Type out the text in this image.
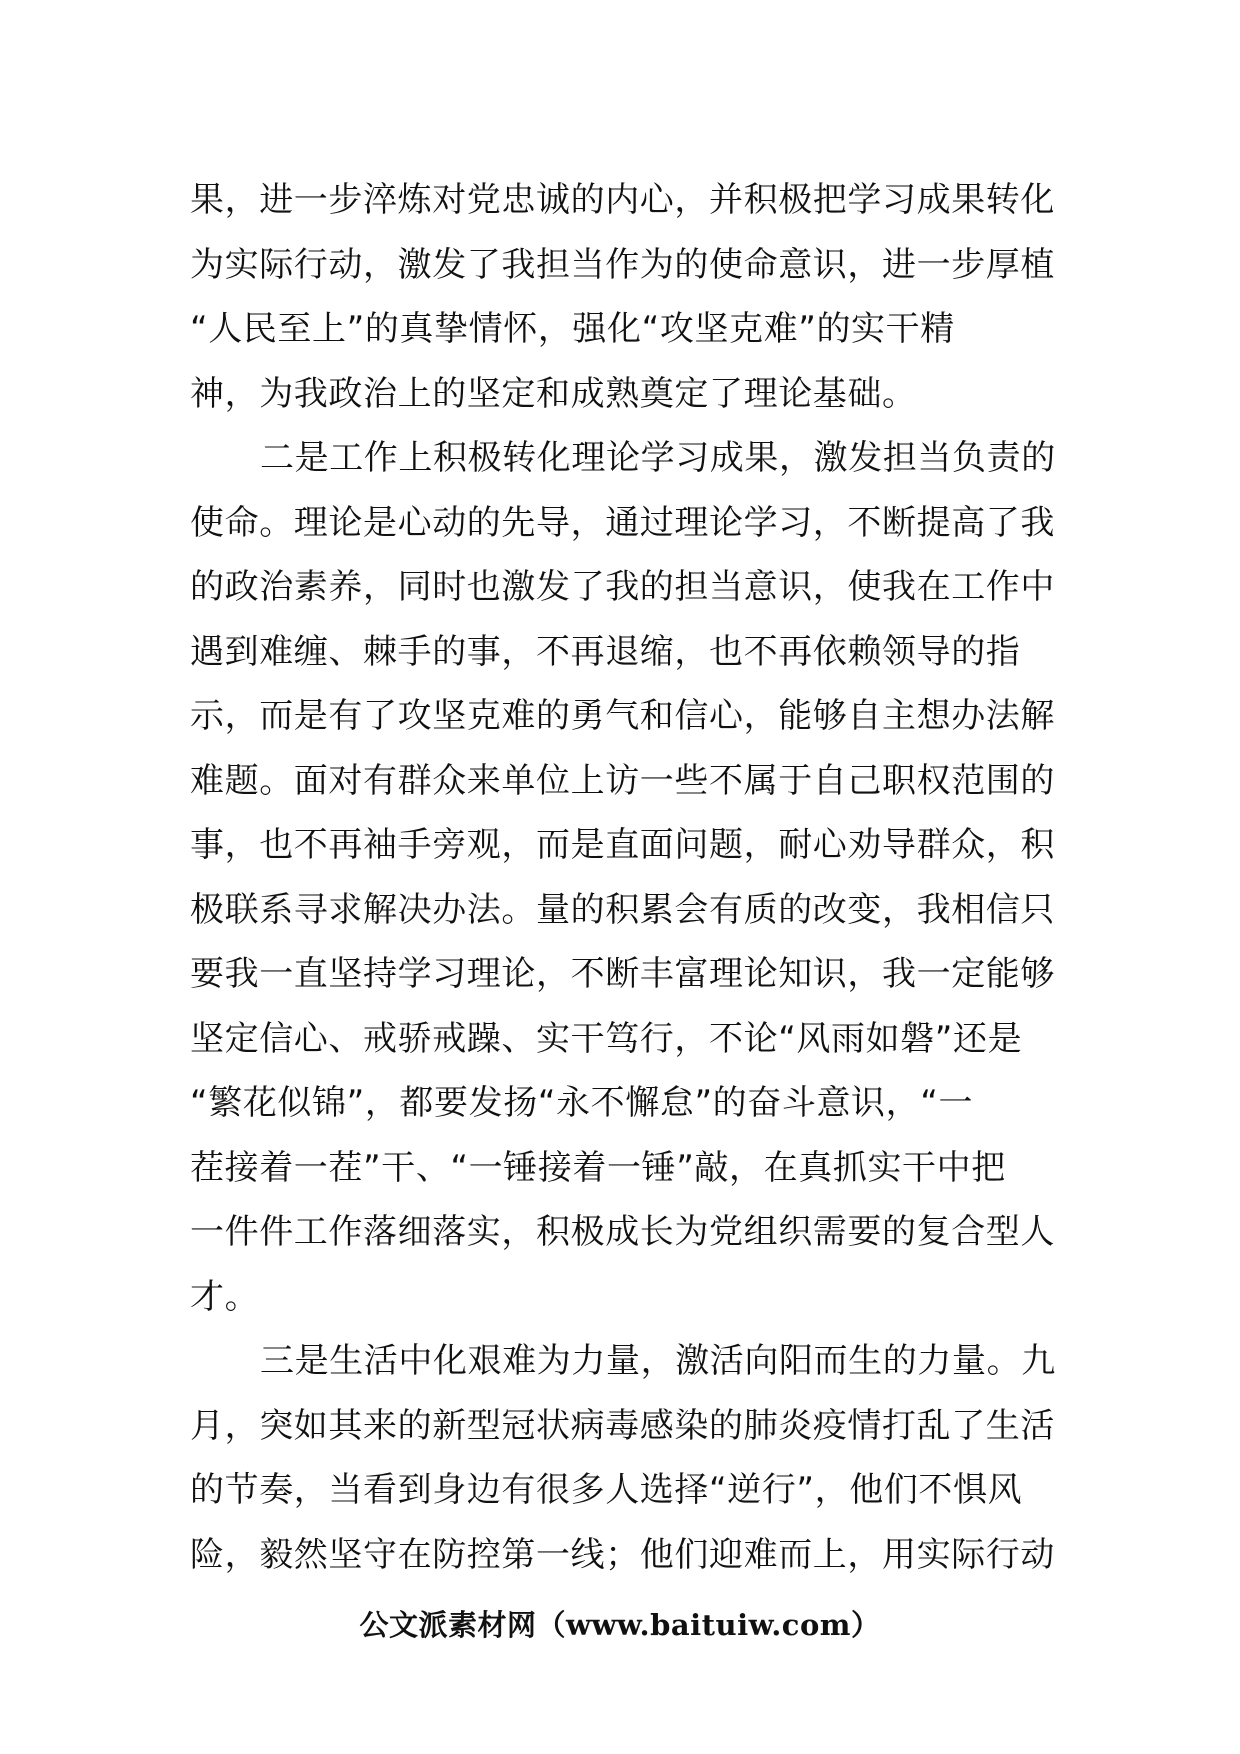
果，进一步淬炼对党忠诚的内心，并积极把学习成果转化
为实际行动，激发了我担当作为的使命意识，进一步厚植
“人民至上”的真挚情怀，强化“攻坚克难”的实干精
神，为我政治上的坚定和成熟奠定了理论基础。
二是工作上积极转化理论学习成果，激发担当负责的
使命。理论是心动的先导，通过理论学习，不断提高了我
的政治素养，同时也激发了我的担当意识，使我在工作中
遇到难缠、棘手的事，不再退缩，也不再依赖领导的指
示，而是有了攻坚克难的勇气和信心，能够自主想办法解
难题。面对有群众来单位上访一些不属于自己职权范围的
事，也不再袖手旁观，而是直面问题，耐心劝导群众，积
极联系寻求解决办法。量的积累会有质的改变，我相信只
要我一直坚持学习理论，不断丰富理论知识，我一定能够
坚定信心、戒骄戒躁、实干笃行，不论“风雨如磐”还是
“繁花似锦”，都要发扬“永不懈怠”的奋斗意识，“一
茬接着一茬”干、“一锤接着一锤”敲，在真抓实干中把
一件件工作落细落实，积极成长为党组织需要的复合型人
才。
三是生活中化艰难为力量，激活向阳而生的力量。九
月，突如其来的新型冠状病毒感染的肺炎疫情打乱了生活
的节奏，当看到身边有很多人选择“逆行”，他们不惧风
险，毅然坚守在防控第一线；他们迎难而上，用实际行动
公文派素材网（www.baituiw.com）
